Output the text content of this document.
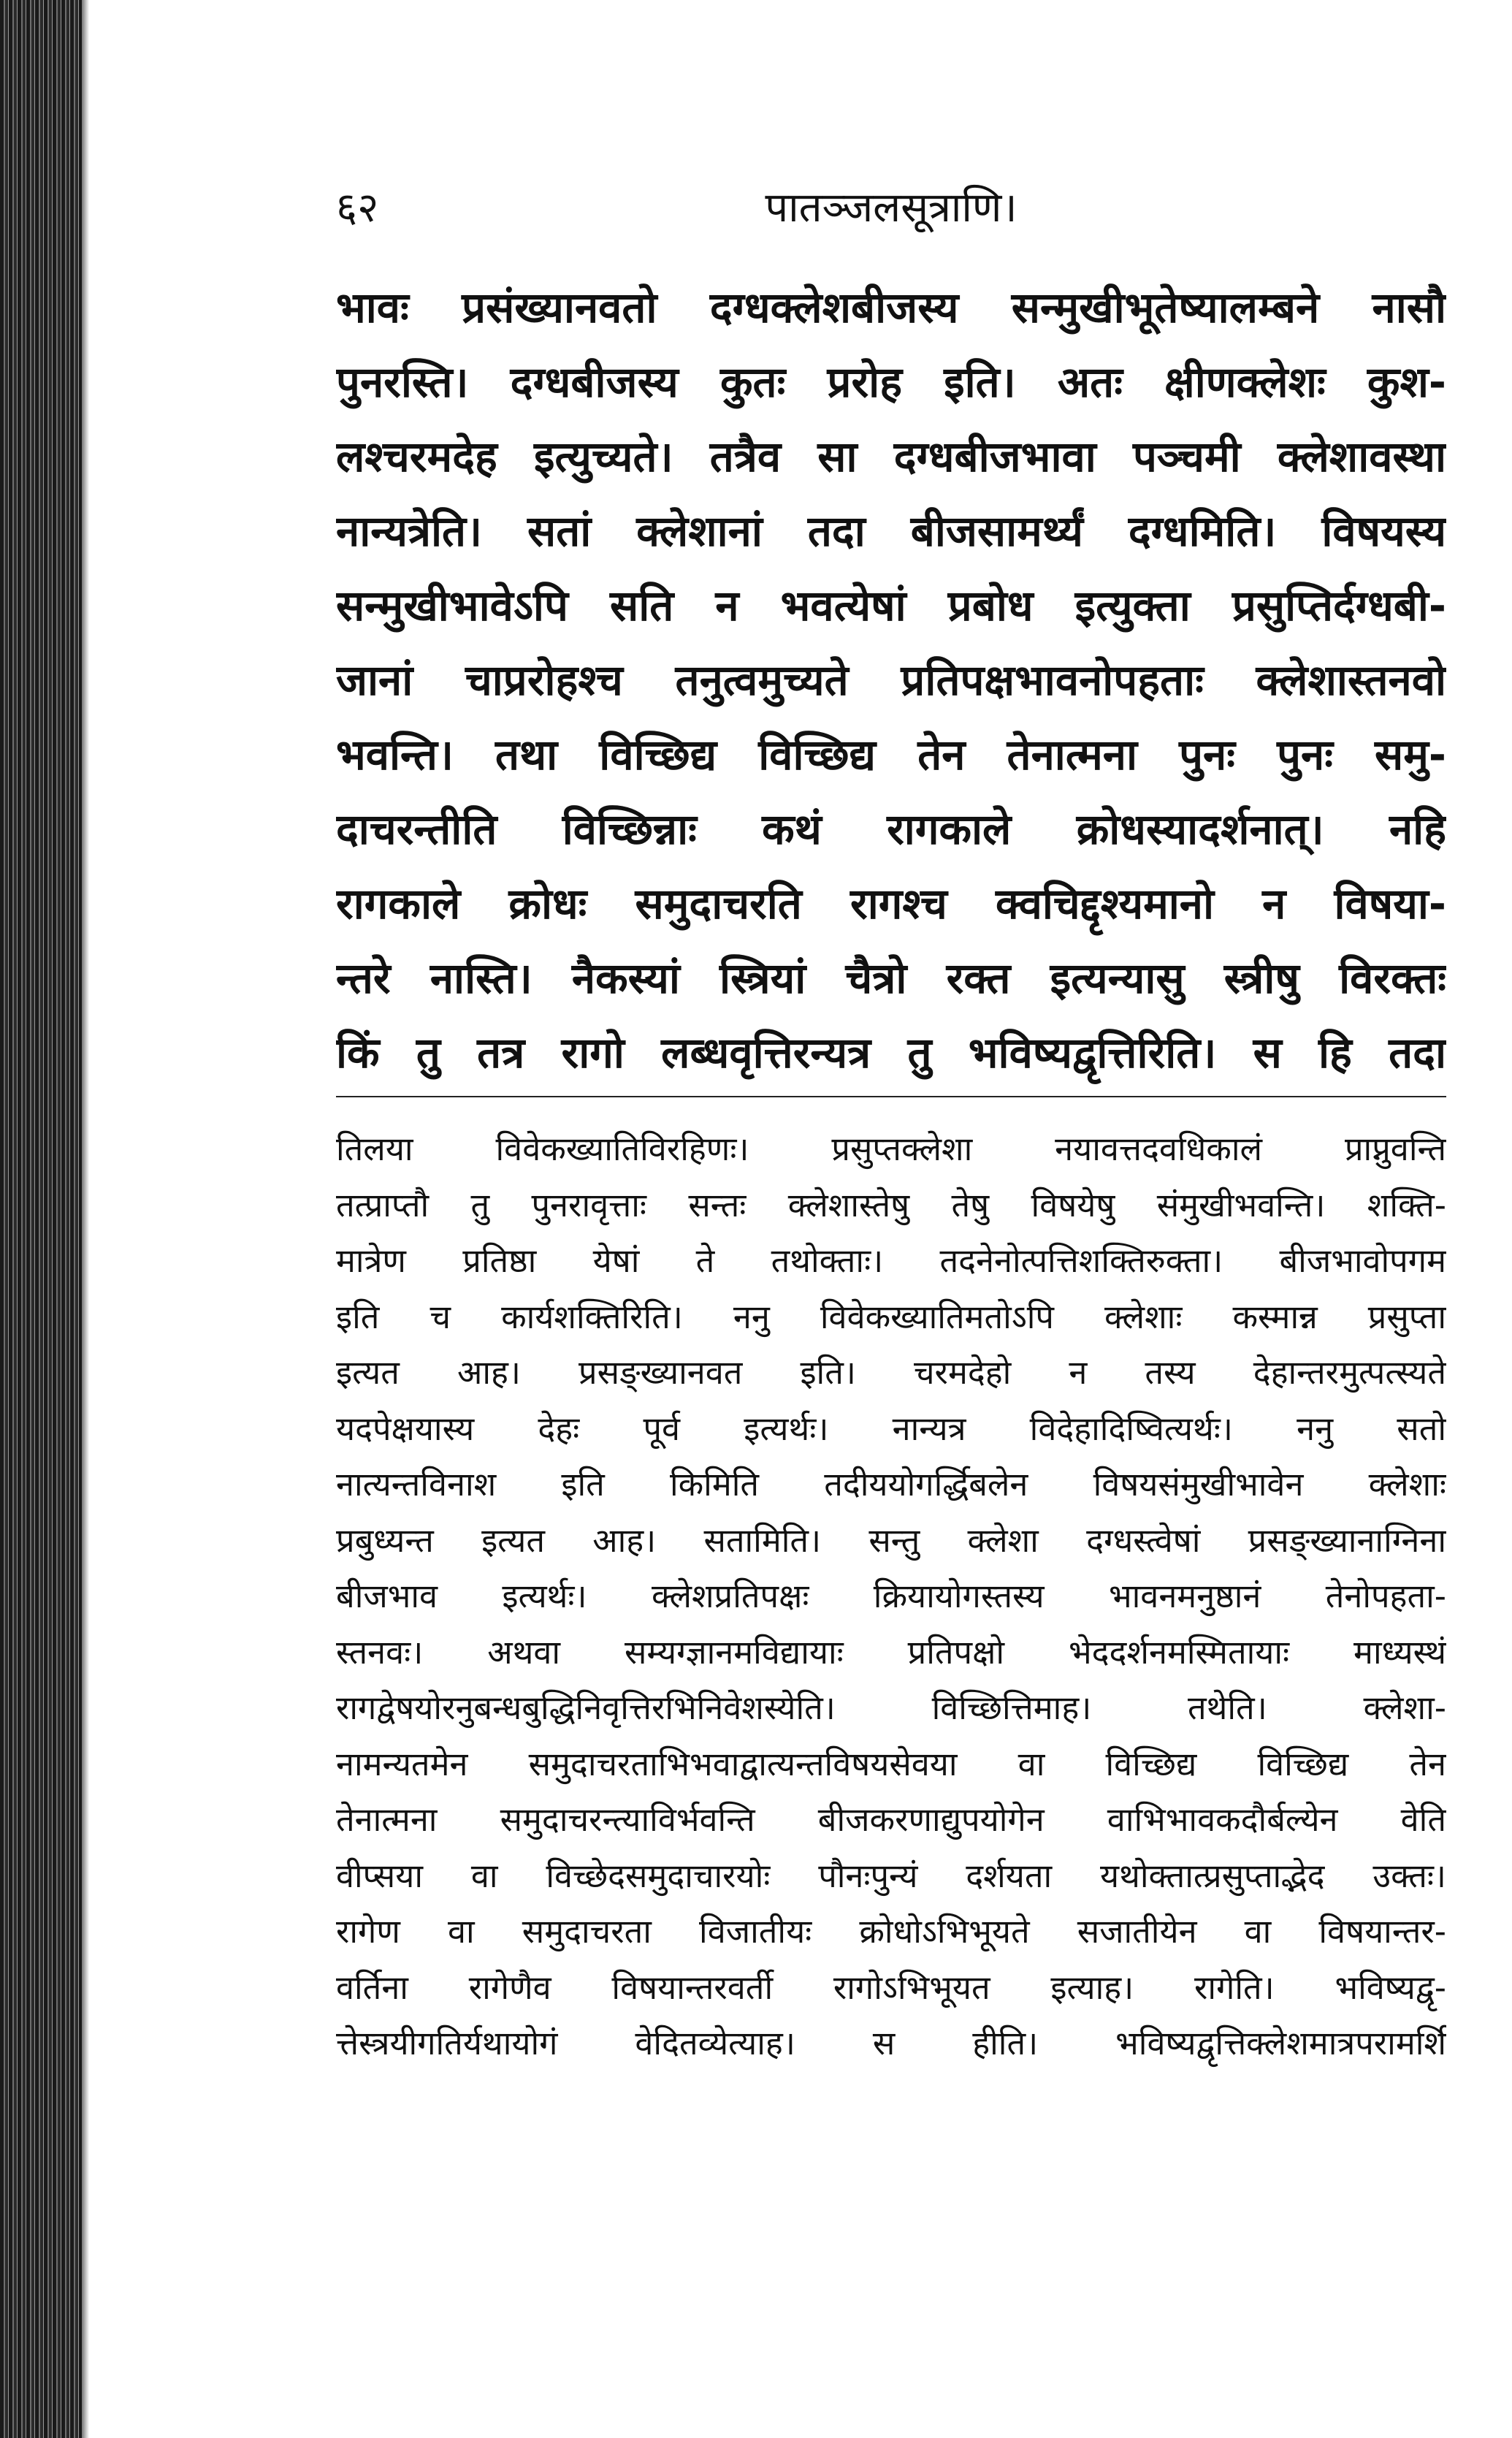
६२	पातञ्जलसूत्राणि।
भावः प्रसंख्यानवतो दग्धक्लेशबीजस्य सन्मुखीभूतेष्यालम्बने नासौ
पुनरस्ति। दग्धबीजस्य कुतः प्ररोह इति। अतः क्षीणक्लेशः कुश-
लश्चरमदेह इत्युच्यते। तत्रैव सा दग्धबीजभावा पञ्चमी क्लेशावस्था
नान्यत्रेति। सतां क्लेशानां तदा बीजसामर्थ्यं दग्धमिति। विषयस्य
सन्मुखीभावेऽपि सति न भवत्येषां प्रबोध इत्युक्ता प्रसुप्तिर्दग्धबी-
जानां चाप्ररोहश्च तनुत्वमुच्यते प्रतिपक्षभावनोपहताः क्लेशास्तनवो
भवन्ति। तथा विच्छिद्य विच्छिद्य तेन तेनात्मना पुनः पुनः समु-
दाचरन्तीति विच्छिन्नाः कथं रागकाले क्रोधस्यादर्शनात्। नहि
रागकाले क्रोधः समुदाचरति रागश्च क्वचिद्दृश्यमानो न विषया-
न्तरे नास्ति। नैकस्यां स्त्रियां चैत्रो रक्त इत्यन्यासु स्त्रीषु विरक्तः
किं तु तत्र रागो लब्धवृत्तिरन्यत्र तु भविष्यद्वृत्तिरिति। स हि तदा
तिलया विवेकख्यातिविरहिणः। प्रसुप्तक्लेशा नयावत्तदवधिकालं प्राप्नुवन्ति
तत्प्राप्तौ तु पुनरावृत्ताः सन्तः क्लेशास्तेषु तेषु विषयेषु संमुखीभवन्ति। शक्ति-
मात्रेण प्रतिष्ठा येषां ते तथोक्ताः। तदनेनोत्पत्तिशक्तिरुक्ता। बीजभावोपगम
इति च कार्यशक्तिरिति। ननु विवेकख्यातिमतोऽपि क्लेशाः कस्मान्न प्रसुप्ता
इत्यत आह। प्रसङ्ख्यानवत इति। चरमदेहो न तस्य देहान्तरमुत्पत्स्यते
यदपेक्षयास्य देहः पूर्व इत्यर्थः। नान्यत्र विदेहादिष्वित्यर्थः। ननु सतो
नात्यन्तविनाश इति किमिति तदीययोगर्द्धिबलेन विषयसंमुखीभावेन क्लेशाः
प्रबुध्यन्त इत्यत आह। सतामिति। सन्तु क्लेशा दग्धस्त्वेषां प्रसङ्ख्यानाग्निना
बीजभाव इत्यर्थः। क्लेशप्रतिपक्षः क्रियायोगस्तस्य भावनमनुष्ठानं तेनोपहता-
स्तनवः। अथवा सम्यग्ज्ञानमविद्यायाः प्रतिपक्षो भेददर्शनमस्मितायाः माध्यस्थं
रागद्वेषयोरनुबन्धबुद्धिनिवृत्तिरभिनिवेशस्येति। विच्छित्तिमाह। तथेति। क्लेशा-
नामन्यतमेन समुदाचरताभिभवाद्वात्यन्तविषयसेवया वा विच्छिद्य विच्छिद्य तेन
तेनात्मना समुदाचरन्त्याविर्भवन्ति बीजकरणाद्युपयोगेन वाभिभावकदौर्बल्येन वेति
वीप्सया वा विच्छेदसमुदाचारयोः पौनःपुन्यं दर्शयता यथोक्तात्प्रसुप्ताद्भेद उक्तः।
रागेण वा समुदाचरता विजातीयः क्रोधोऽभिभूयते सजातीयेन वा विषयान्तर-
वर्तिना रागेणैव विषयान्तरवर्ती रागोऽभिभूयत इत्याह। रागेति। भविष्यद्वृ-
त्तेस्त्रयीगतिर्यथायोगं वेदितव्येत्याह। स हीति। भविष्यद्वृत्तिक्लेशमात्रपरामर्शि
